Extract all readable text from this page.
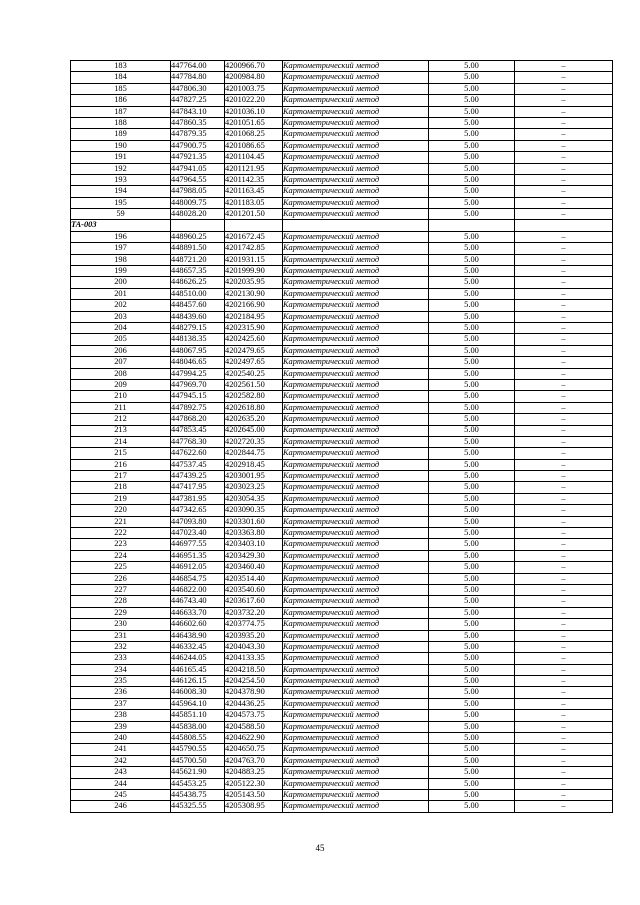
183	447764.00	4200966.70	Картометрический метод	5.00	–
184	447784.80	4200984.80	Картометрический метод	5.00	–
185	447806.30	4201003.75	Картометрический метод	5.00	–
186	447827.25	4201022.20	Картометрический метод	5.00	–
187	447843.10	4201036.10	Картометрический метод	5.00	–
188	447860.35	4201051.65	Картометрический метод	5.00	–
189	447879.35	4201068.25	Картометрический метод	5.00	–
190	447900.75	4201086.65	Картометрический метод	5.00	–
191	447921.35	4201104.45	Картометрический метод	5.00	–
192	447941.05	4201121.95	Картометрический метод	5.00	–
193	447964.55	4201142.35	Картометрический метод	5.00	–
194	447988.05	4201163.45	Картометрический метод	5.00	–
195	448009.75	4201183.05	Картометрический метод	5.00	–
59	448028.20	4201201.50	Картометрический метод	5.00	–
ТА-003					
196	448960.25	4201672.45	Картометрический метод	5.00	–
197	448891.50	4201742.85	Картометрический метод	5.00	–
198	448721.20	4201931.15	Картометрический метод	5.00	–
199	448657.35	4201999.90	Картометрический метод	5.00	–
200	448626.25	4202035.95	Картометрический метод	5.00	–
201	448510.00	4202130.90	Картометрический метод	5.00	–
202	448457.60	4202166.90	Картометрический метод	5.00	–
203	448439.60	4202184.95	Картометрический метод	5.00	–
204	448279.15	4202315.90	Картометрический метод	5.00	–
205	448138.35	4202425.60	Картометрический метод	5.00	–
206	448067.95	4202479.65	Картометрический метод	5.00	–
207	448046.65	4202497.65	Картометрический метод	5.00	–
208	447994.25	4202540.25	Картометрический метод	5.00	–
209	447969.70	4202561.50	Картометрический метод	5.00	–
210	447945.15	4202582.80	Картометрический метод	5.00	–
211	447892.75	4202618.80	Картометрический метод	5.00	–
212	447868.20	4202635.20	Картометрический метод	5.00	–
213	447853.45	4202645.00	Картометрический метод	5.00	–
214	447768.30	4202720.35	Картометрический метод	5.00	–
215	447622.60	4202844.75	Картометрический метод	5.00	–
216	447537.45	4202918.45	Картометрический метод	5.00	–
217	447439.25	4203001.95	Картометрический метод	5.00	–
218	447417.95	4203023.25	Картометрический метод	5.00	–
219	447381.95	4203054.35	Картометрический метод	5.00	–
220	447342.65	4203090.35	Картометрический метод	5.00	–
221	447093.80	4203301.60	Картометрический метод	5.00	–
222	447023.40	4203363.80	Картометрический метод	5.00	–
223	446977.55	4203403.10	Картометрический метод	5.00	–
224	446951.35	4203429.30	Картометрический метод	5.00	–
225	446912.05	4203460.40	Картометрический метод	5.00	–
226	446854.75	4203514.40	Картометрический метод	5.00	–
227	446822.00	4203540.60	Картометрический метод	5.00	–
228	446743.40	4203617.60	Картометрический метод	5.00	–
229	446633.70	4203732.20	Картометрический метод	5.00	–
230	446602.60	4203774.75	Картометрический метод	5.00	–
231	446438.90	4203935.20	Картометрический метод	5.00	–
232	446332.45	4204043.30	Картометрический метод	5.00	–
233	446244.05	4204133.35	Картометрический метод	5.00	–
234	446165.45	4204218.50	Картометрический метод	5.00	–
235	446126.15	4204254.50	Картометрический метод	5.00	–
236	446008.30	4204378.90	Картометрический метод	5.00	–
237	445964.10	4204436.25	Картометрический метод	5.00	–
238	445851.10	4204573.75	Картометрический метод	5.00	–
239	445838.00	4204588.50	Картометрический метод	5.00	–
240	445808.55	4204622.90	Картометрический метод	5.00	–
241	445790.55	4204650.75	Картометрический метод	5.00	–
242	445700.50	4204763.70	Картометрический метод	5.00	–
243	445621.90	4204883.25	Картометрический метод	5.00	–
244	445453.25	4205122.30	Картометрический метод	5.00	–
245	445438.75	4205143.50	Картометрический метод	5.00	–
246	445325.55	4205308.95	Картометрический метод	5.00	–
45
